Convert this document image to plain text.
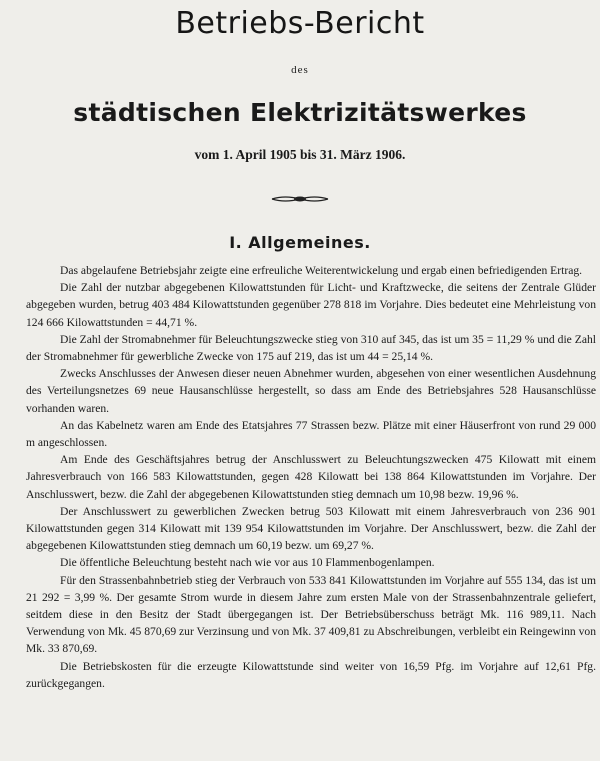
Betriebs-Bericht
des
städtischen Elektrizitätswerkes
vom 1. April 1905 bis 31. März 1906.
I. Allgemeines.

Das abgelaufene Betriebsjahr zeigte eine erfreuliche Weiterentwickelung und ergab einen befriedigenden Ertrag.

Die Zahl der nutzbar abgegebenen Kilowattstunden für Licht- und Kraftzwecke, die seitens der Zentrale Glüder abgegeben wurden, betrug 403 484 Kilowattstunden gegenüber 278 818 im Vorjahre. Dies bedeutet eine Mehrleistung von 124 666 Kilowattstunden = 44,71 %.

Die Zahl der Stromabnehmer für Beleuchtungszwecke stieg von 310 auf 345, das ist um 35 = 11,29 % und die Zahl der Stromabnehmer für gewerbliche Zwecke von 175 auf 219, das ist um 44 = 25,14 %.

Zwecks Anschlusses der Anwesen dieser neuen Abnehmer wurden, abgesehen von einer wesentlichen Ausdehnung des Verteilungsnetzes 69 neue Hausanschlüsse hergestellt, so dass am Ende des Betriebsjahres 528 Hausanschlüsse vorhanden waren.

An das Kabelnetz waren am Ende des Etatsjahres 77 Strassen bezw. Plätze mit einer Häuserfront von rund 29 000 m angeschlossen.

Am Ende des Geschäftsjahres betrug der Anschlusswert zu Beleuchtungszwecken 475 Kilowatt mit einem Jahresverbrauch von 166 583 Kilowattstunden, gegen 428 Kilowatt bei 138 864 Kilowattstunden im Vorjahre. Der Anschlusswert, bezw. die Zahl der abgegebenen Kilowattstunden stieg demnach um 10,98 bezw. 19,96 %.

Der Anschlusswert zu gewerblichen Zwecken betrug 503 Kilowatt mit einem Jahresverbrauch von 236 901 Kilowattstunden gegen 314 Kilowatt mit 139 954 Kilowattstunden im Vorjahre. Der Anschlusswert, bezw. die Zahl der abgegebenen Kilowattstunden stieg demnach um 60,19 bezw. um 69,27 %.

Die öffentliche Beleuchtung besteht nach wie vor aus 10 Flammenbogenlampen.

Für den Strassenbahnbetrieb stieg der Verbrauch von 533 841 Kilowattstunden im Vorjahre auf 555 134, das ist um 21 292 = 3,99 %. Der gesamte Strom wurde in diesem Jahre zum ersten Male von der Strassenbahnzentrale geliefert, seitdem diese in den Besitz der Stadt übergegangen ist. Der Betriebsüberschuss beträgt Mk. 116 989,11. Nach Verwendung von Mk. 45 870,69 zur Verzinsung und von Mk. 37 409,81 zu Abschreibungen, verbleibt ein Reingewinn von Mk. 33 870,69.

Die Betriebskosten für die erzeugte Kilowattstunde sind weiter von 16,59 Pfg. im Vorjahre auf 12,61 Pfg. zurückgegangen.
